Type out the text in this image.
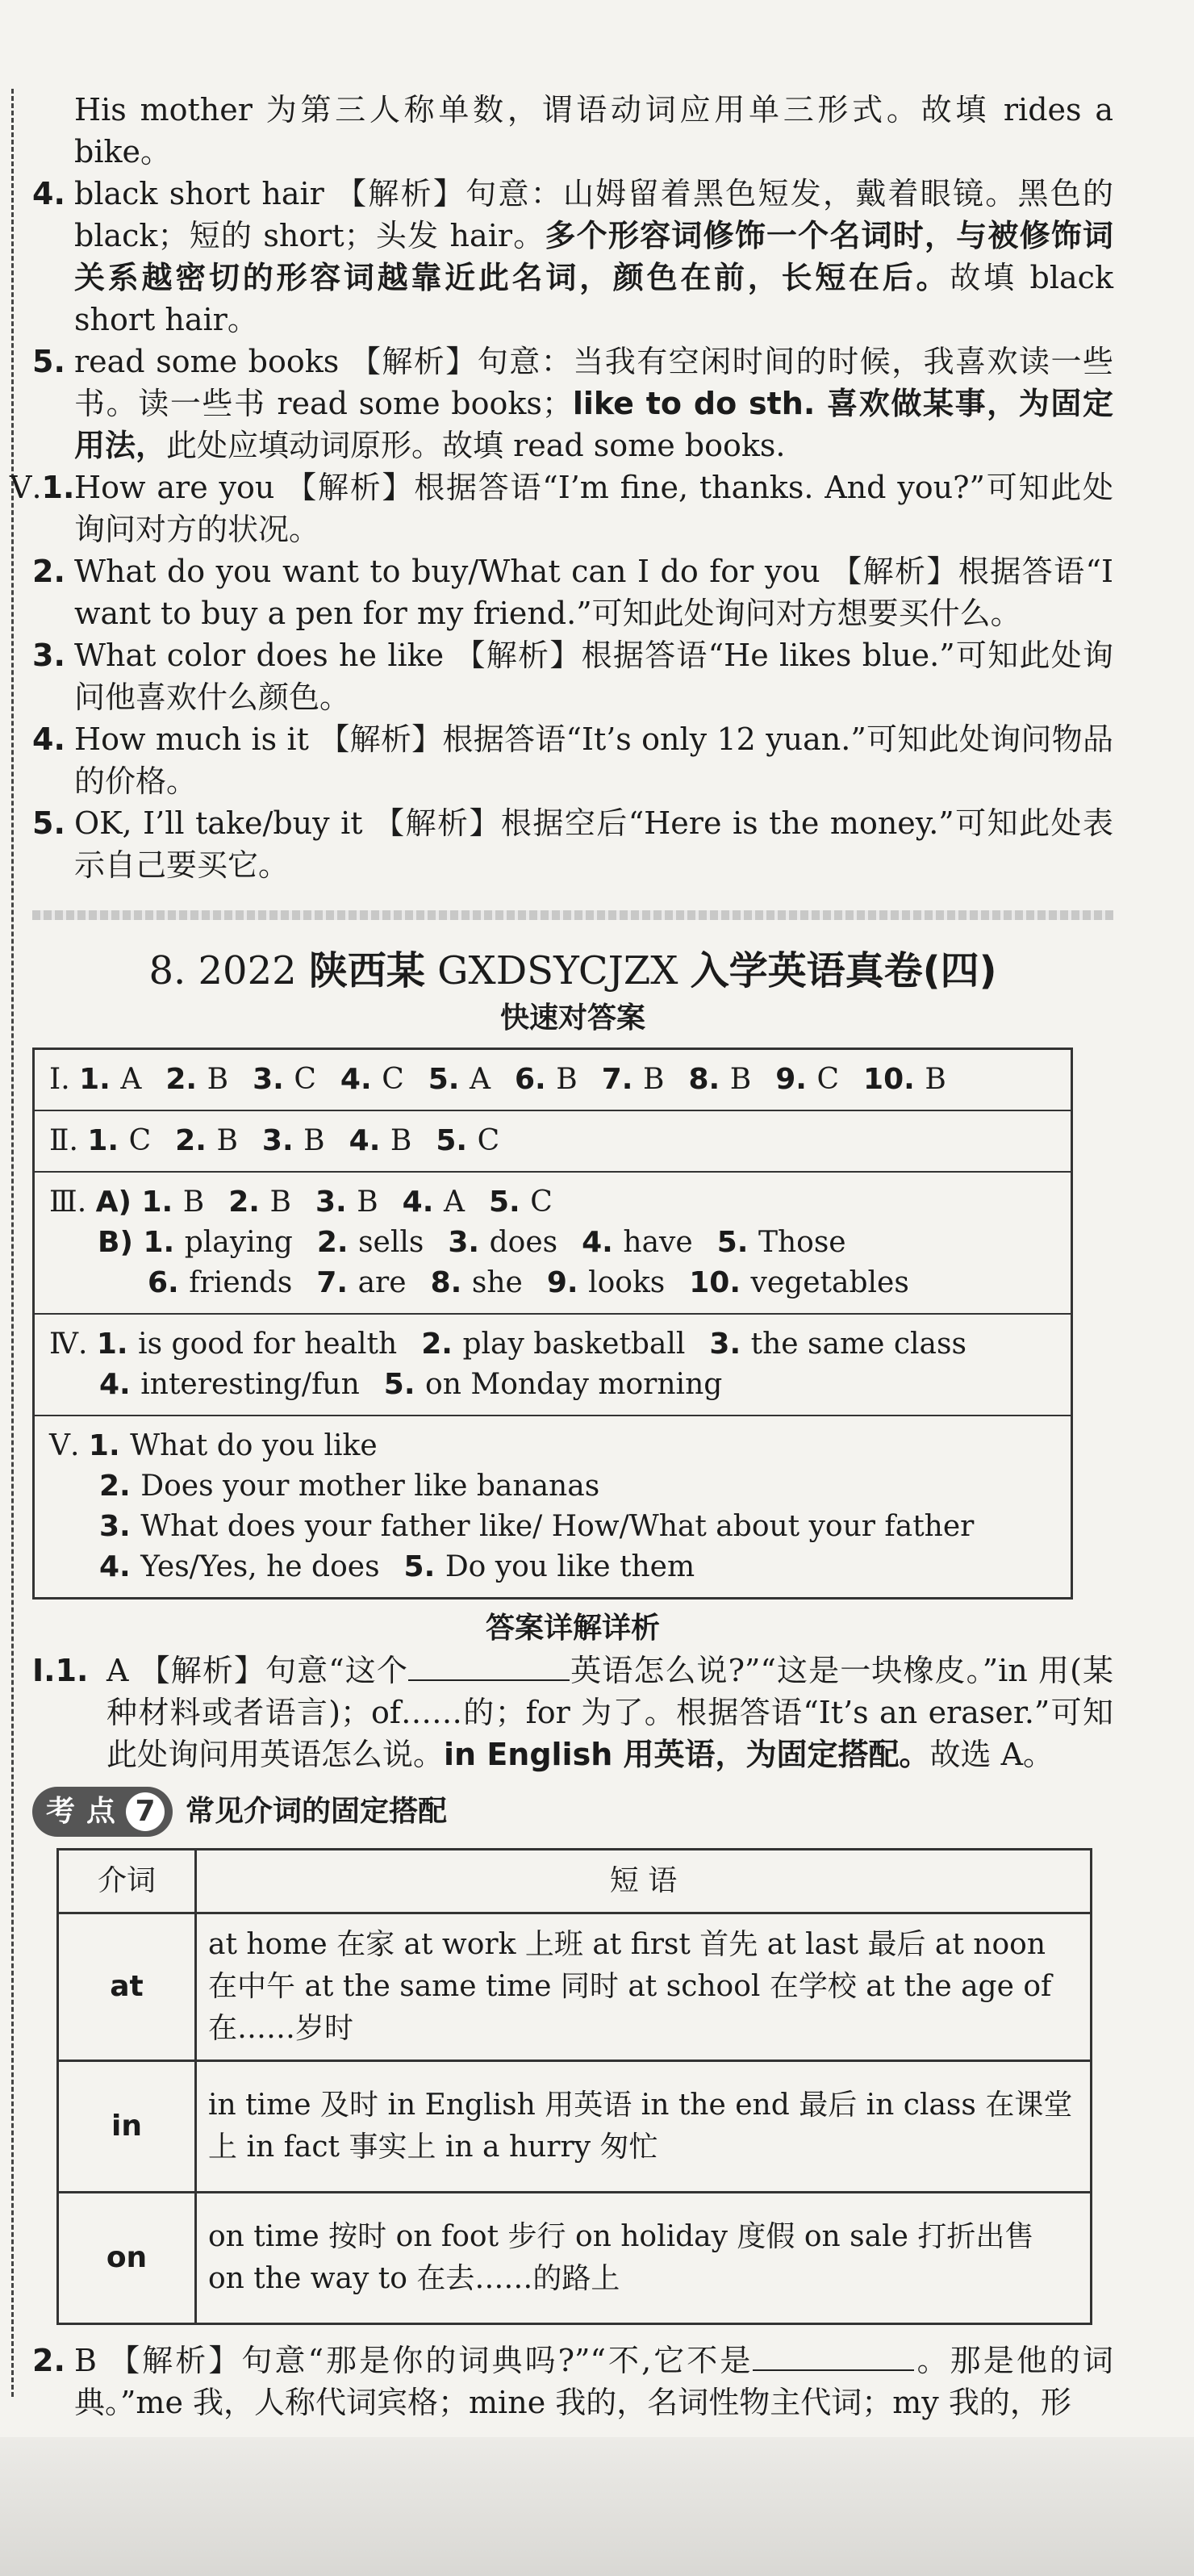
His mother 为第三人称单数，谓语动词应用单三形式。故填 rides a bike。
4. black short hair 【解析】句意：山姆留着黑色短发，戴着眼镜。黑色的 black；短的 short；头发 hair。多个形容词修饰一个名词时，与被修饰词关系越密切的形容词越靠近此名词，颜色在前，长短在后。故填 black short hair。
5. read some books 【解析】句意：当我有空闲时间的时候，我喜欢读一些书。读一些书 read some books；like to do sth. 喜欢做某事，为固定用法，此处应填动词原形。故填 read some books.
Ⅴ.1. How are you 【解析】根据答语“I’m fine, thanks. And you?”可知此处询问对方的状况。
2. What do you want to buy/What can I do for you 【解析】根据答语“I want to buy a pen for my friend.”可知此处询问对方想要买什么。
3. What color does he like 【解析】根据答语“He likes blue.”可知此处询问他喜欢什么颜色。
4. How much is it 【解析】根据答语“It’s only 12 yuan.”可知此处询问物品的价格。
5. OK, I’ll take/buy it 【解析】根据空后“Here is the money.”可知此处表示自己要买它。
8. 2022 陕西某 GXDSYCJZX 入学英语真卷(四)
快速对答案
Ⅰ. 1. A 2. B 3. C 4. C 5. A 6. B 7. B 8. B 9. C 10. B
Ⅱ. 1. C 2. B 3. B 4. B 5. C
Ⅲ. A) 1. B 2. B 3. B 4. A 5. C
B) 1. playing 2. sells 3. does 4. have 5. Those
6. friends 7. are 8. she 9. looks 10. vegetables
Ⅳ. 1. is good for health 2. play basketball 3. the same class
4. interesting/fun 5. on Monday morning
Ⅴ. 1. What do you like
2. Does your mother like bananas
3. What does your father like/ How/What about your father
4. Yes/Yes, he does 5. Do you like them
答案详解详析
Ⅰ.1. A 【解析】句意“这个	英语怎么说?”“这是一块橡皮。”in 用(某种材料或者语言)；of……的；for 为了。根据答语“It’s an eraser.”可知此处询问用英语怎么说。in English 用英语，为固定搭配。故选 A。
考 点 7	常见介词的固定搭配
介词	短 语
at	at home 在家 at work 上班 at first 首先 at last 最后 at noon 在中午 at the same time 同时 at school 在学校 at the age of 在……岁时
in	in time 及时 in English 用英语 in the end 最后 in class 在课堂上 in fact 事实上 in a hurry 匆忙
on	on time 按时 on foot 步行 on holiday 度假 on sale 打折出售 on the way to 在去……的路上
2. B 【解析】句意“那是你的词典吗?”“不,它不是	。那是他的词典。”me 我，人称代词宾格；mine 我的，名词性物主代词；my 我的，形
